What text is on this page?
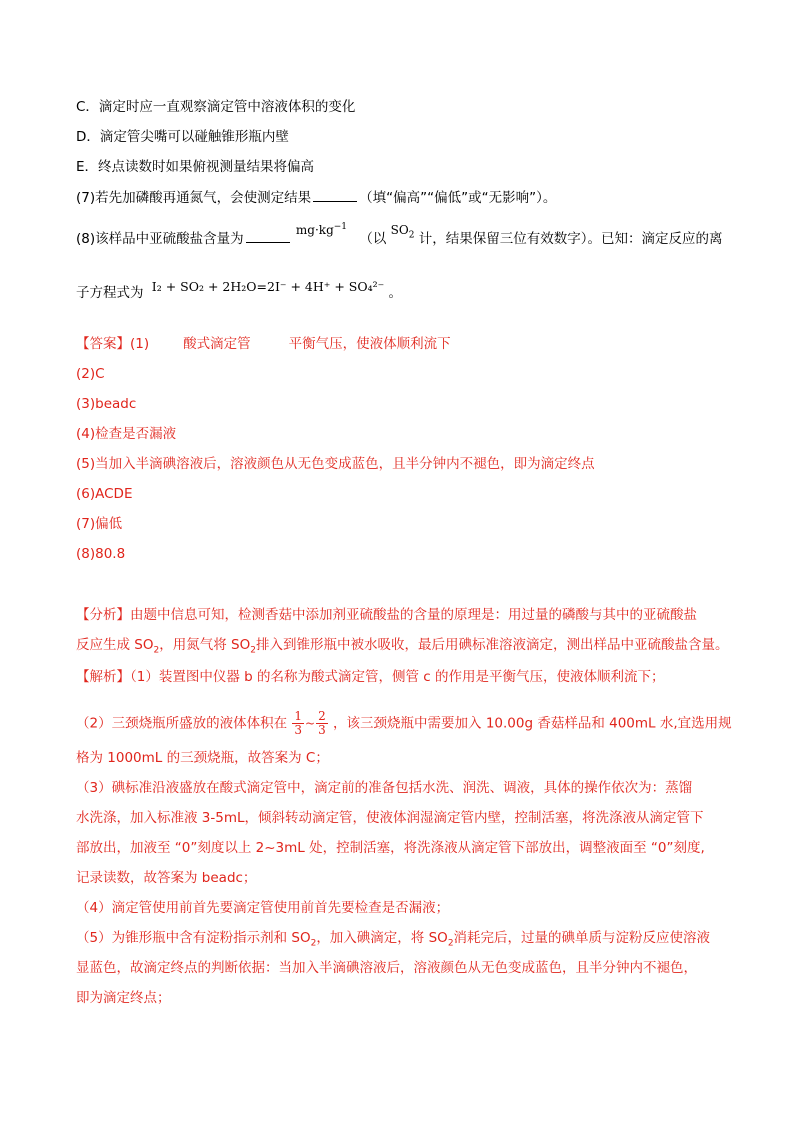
C．滴定时应一直观察滴定管中溶液体积的变化
D．滴定管尖嘴可以碰触锥形瓶内壁
E．终点读数时如果俯视测量结果将偏高
(7)若先加磷酸再通氮气，会使测定结果	（填“偏高”“偏低”或“无影响”）。
(8)该样品中亚硫酸盐含量为 $mg\cdot kg^{-1}$ （以 $SO_2$ 计，结果保留三位有效数字）。已知：滴定反应的离
子方程式为 I₂ + SO₂ + 2H₂O=2I⁻ + 4H⁺ + SO₄²⁻ 。
【答案】(1)	酸式滴定管	平衡气压，使液体顺利流下
(2)C
(3)beadc
(4)检查是否漏液
(5)当加入半滴碘溶液后，溶液颜色从无色变成蓝色，且半分钟内不褪色，即为滴定终点
(6)ACDE
(7)偏低
(8)80.8
【分析】由题中信息可知，检测香菇中添加剂亚硫酸盐的含量的原理是：用过量的磷酸与其中的亚硫酸盐
反应生成 $SO_2$，用氮气将 $SO_2$排入到锥形瓶中被水吸收，最后用碘标准溶液滴定，测出样品中亚硫酸盐含量。
【解析】（1）装置图中仪器 b 的名称为酸式滴定管，侧管 c 的作用是平衡气压，使液体顺利流下；
（2）三颈烧瓶所盛放的液体体积在 $\frac{1}{3}$ ~ $\frac{2}{3}$ ，该三颈烧瓶中需要加入 10.00g 香菇样品和 400mL 水,宜选用规
格为 1000mL 的三颈烧瓶，故答案为 C；
（3）碘标准沿液盛放在酸式滴定管中，滴定前的准备包括水洗、润洗、调液，具体的操作依次为：蒸馏
水洗涤，加入标准液 3-5mL，倾斜转动滴定管，使液体润湿滴定管内壁，控制活塞，将洗涤液从滴定管下
部放出，加液至 “0”刻度以上 2~3mL 处，控制活塞，将洗涤液从滴定管下部放出，调整液面至 “0”刻度,
记录读数，故答案为 beadc；
（4）滴定管使用前首先要滴定管使用前首先要检查是否漏液；
（5）为锥形瓶中含有淀粉指示剂和 $SO_2$，加入碘滴定，将 $SO_2$消耗完后，过量的碘单质与淀粉反应使溶液
显蓝色，故滴定终点的判断依据：当加入半滴碘溶液后，溶液颜色从无色变成蓝色，且半分钟内不褪色，
即为滴定终点；
